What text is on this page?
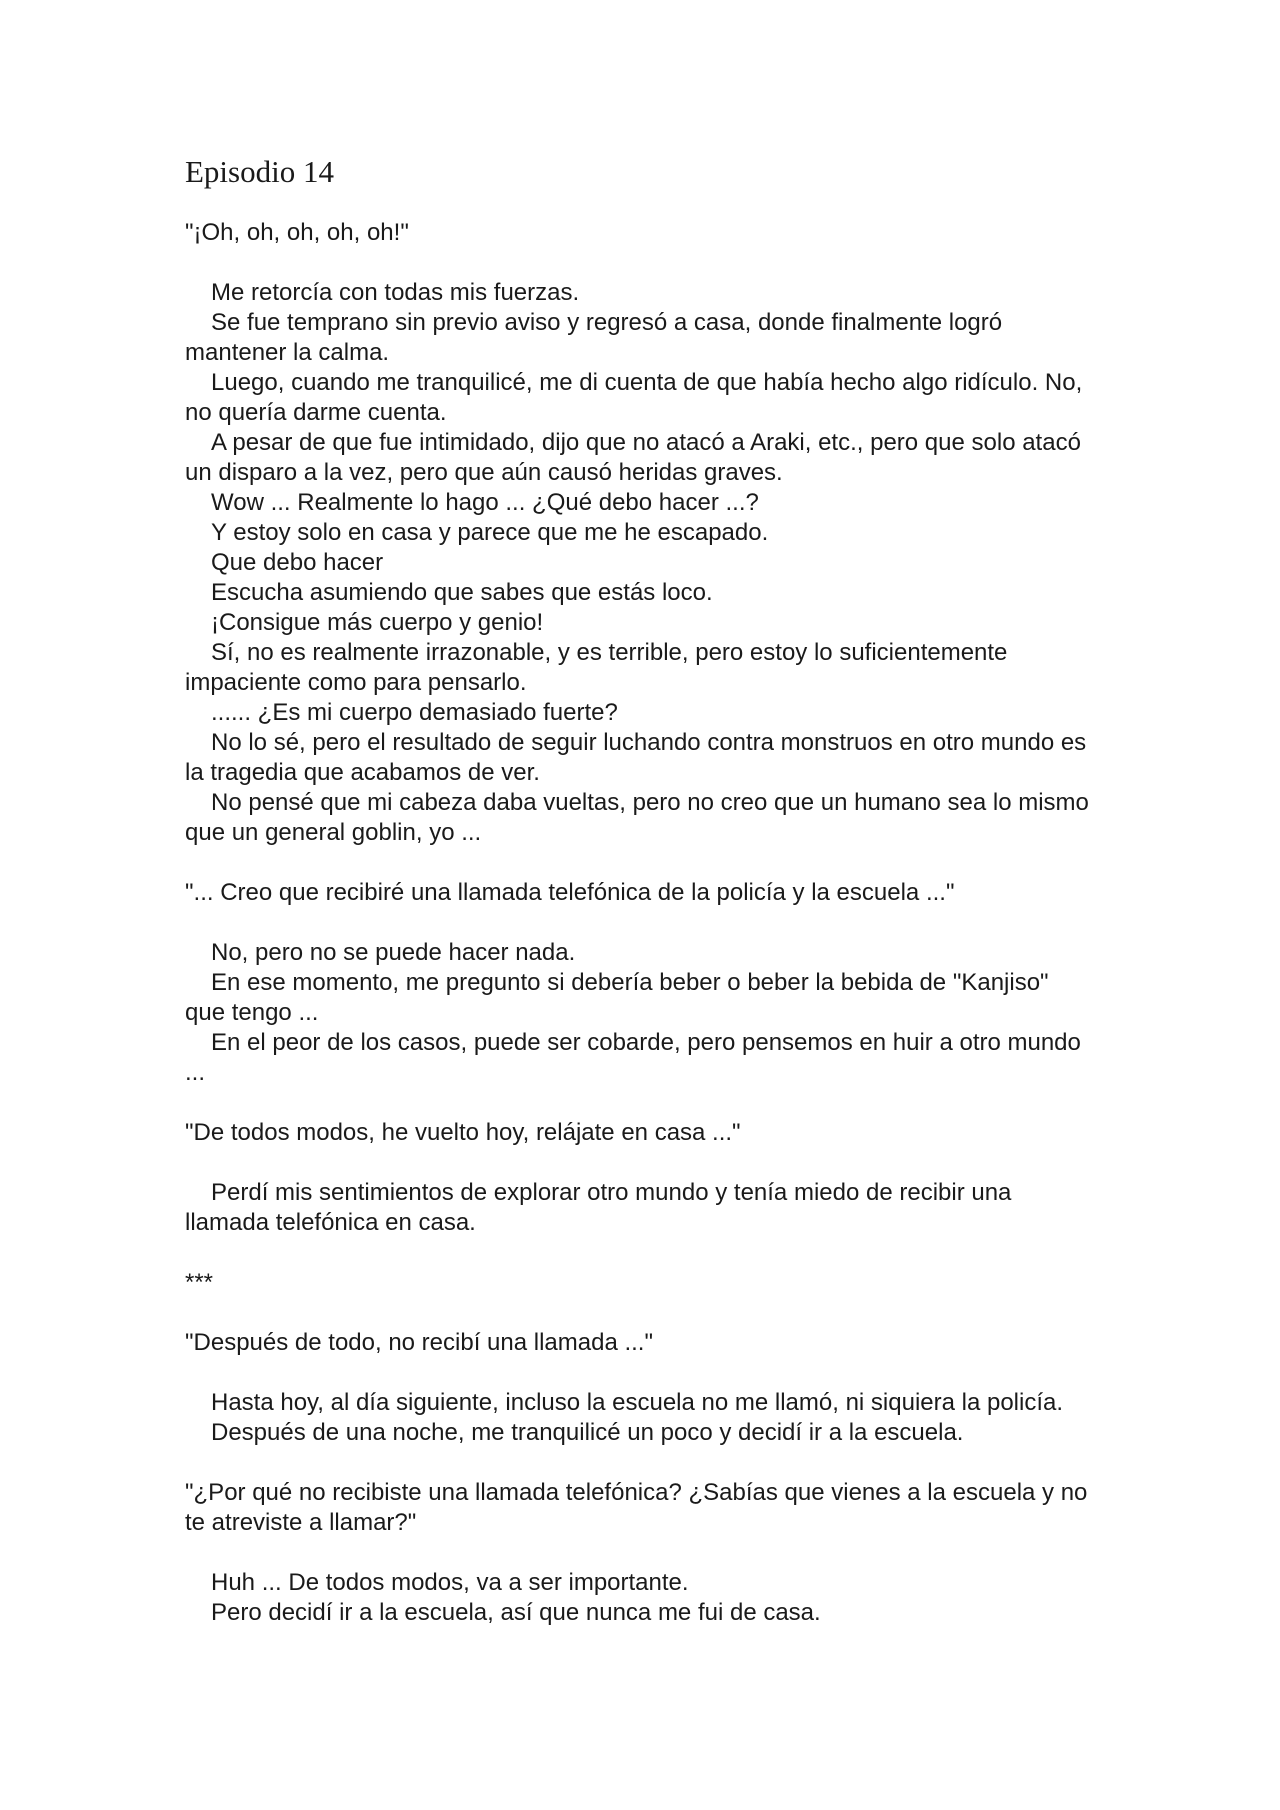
Episodio 14
"¡Oh, oh, oh, oh, oh!"
Me retorcía con todas mis fuerzas.
Se fue temprano sin previo aviso y regresó a casa, donde finalmente logró mantener la calma.
Luego, cuando me tranquilicé, me di cuenta de que había hecho algo ridículo. No, no quería darme cuenta.
A pesar de que fue intimidado, dijo que no atacó a Araki, etc., pero que solo atacó un disparo a la vez, pero que aún causó heridas graves.
Wow ... Realmente lo hago ... ¿Qué debo hacer ...?
Y estoy solo en casa y parece que me he escapado.
Que debo hacer
Escucha asumiendo que sabes que estás loco.
¡Consigue más cuerpo y genio!
Sí, no es realmente irrazonable, y es terrible, pero estoy lo suficientemente impaciente como para pensarlo.
...... ¿Es mi cuerpo demasiado fuerte?
No lo sé, pero el resultado de seguir luchando contra monstruos en otro mundo es la tragedia que acabamos de ver.
No pensé que mi cabeza daba vueltas, pero no creo que un humano sea lo mismo que un general goblin, yo ...
"... Creo que recibiré una llamada telefónica de la policía y la escuela ..."
No, pero no se puede hacer nada.
En ese momento, me pregunto si debería beber o beber la bebida de "Kanjiso" que tengo ...
En el peor de los casos, puede ser cobarde, pero pensemos en huir a otro mundo ...
"De todos modos, he vuelto hoy, relájate en casa ..."
Perdí mis sentimientos de explorar otro mundo y tenía miedo de recibir una llamada telefónica en casa.
***
"Después de todo, no recibí una llamada ..."
Hasta hoy, al día siguiente, incluso la escuela no me llamó, ni siquiera la policía.
Después de una noche, me tranquilicé un poco y decidí ir a la escuela.
"¿Por qué no recibiste una llamada telefónica? ¿Sabías que vienes a la escuela y no te atreviste a llamar?"
Huh ... De todos modos, va a ser importante.
Pero decidí ir a la escuela, así que nunca me fui de casa.
